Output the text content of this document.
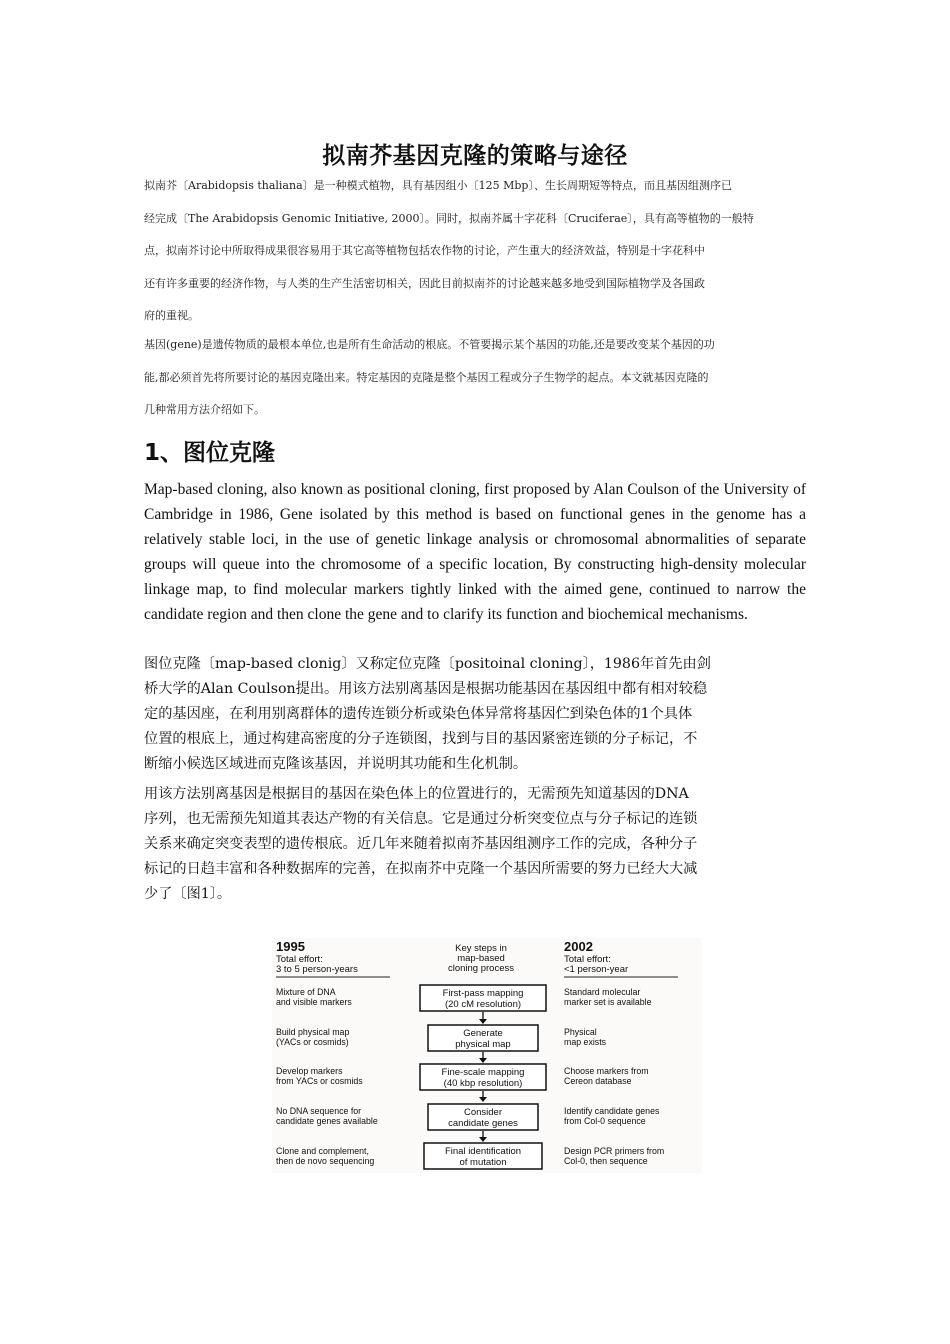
拟南芥基因克隆的策略与途径
拟南芥〔Arabidopsis thaliana〕是一种模式植物，具有基因组小〔125 Mbp〕、生长周期短等特点，而且基因组测序已
经完成〔The Arabidopsis Genomic Initiative, 2000〕。同时，拟南芥属十字花科〔Cruciferae〕，具有高等植物的一般特
点，拟南芥讨论中所取得成果很容易用于其它高等植物包括农作物的讨论，产生重大的经济效益，特别是十字花科中
还有许多重要的经济作物，与人类的生产生活密切相关，因此目前拟南芥的讨论越来越多地受到国际植物学及各国政
府的重视。
基因(gene)是遗传物质的最根本单位,也是所有生命活动的根底。不管要揭示某个基因的功能,还是要改变某个基因的功
能,都必须首先将所要讨论的基因克隆出来。特定基因的克隆是整个基因工程或分子生物学的起点。本文就基因克隆的
几种常用方法介绍如下。
1、图位克隆
Map-based cloning, also known as positional cloning, first proposed by Alan Coulson of the University of Cambridge in 1986, Gene isolated by this method is based on functional genes in the genome has a relatively stable loci, in the use of genetic linkage analysis or chromosomal abnormalities of separate groups will queue into the chromosome of a specific location, By constructing high-density molecular linkage map, to find molecular markers tightly linked with the aimed gene, continued to narrow the candidate region and then clone the gene and to clarify its function and biochemical mechanisms.
图位克隆〔map-based clonig〕又称定位克隆〔positoinal cloning〕，1986年首先由剑
桥大学的Alan Coulson提出。用该方法别离基因是根据功能基因在基因组中都有相对较稳
定的基因座，在利用别离群体的遗传连锁分析或染色体异常将基因伫到染色体的1个具体
位置的根底上，通过构建高密度的分子连锁图，找到与目的基因紧密连锁的分子标记，不
断缩小候选区域进而克隆该基因，并说明其功能和生化机制。
用该方法别离基因是根据目的基因在染色体上的位置进行的，无需预先知道基因的DNA
序列，也无需预先知道其表达产物的有关信息。它是通过分析突变位点与分子标记的连锁
关系来确定突变表型的遗传根底。近几年来随着拟南芥基因组测序工作的完成，各种分子
标记的日趋丰富和各种数据库的完善，在拟南芥中克隆一个基因所需要的努力已经大大减
少了〔图1〕。
1995
Total effort:
3 to 5 person-years
Key steps in
map-based
cloning process
2002
Total effort:
<1 person-year
Mixture of DNA
and visible markers
First-pass mapping
(20 cM resolution)
Standard molecular
marker set is available
Build physical map
(YACs or cosmids)
Generate
physical map
Physical
map exists
Develop markers
from YACs or cosmids
Fine-scale mapping
(40 kbp resolution)
Choose markers from
Cereon database
No DNA sequence for
candidate genes available
Consider
candidate genes
Identify candidate genes
from Col-0 sequence
Clone and complement,
then de novo sequencing
Final identification
of mutation
Design PCR primers from
Col-0, then sequence
